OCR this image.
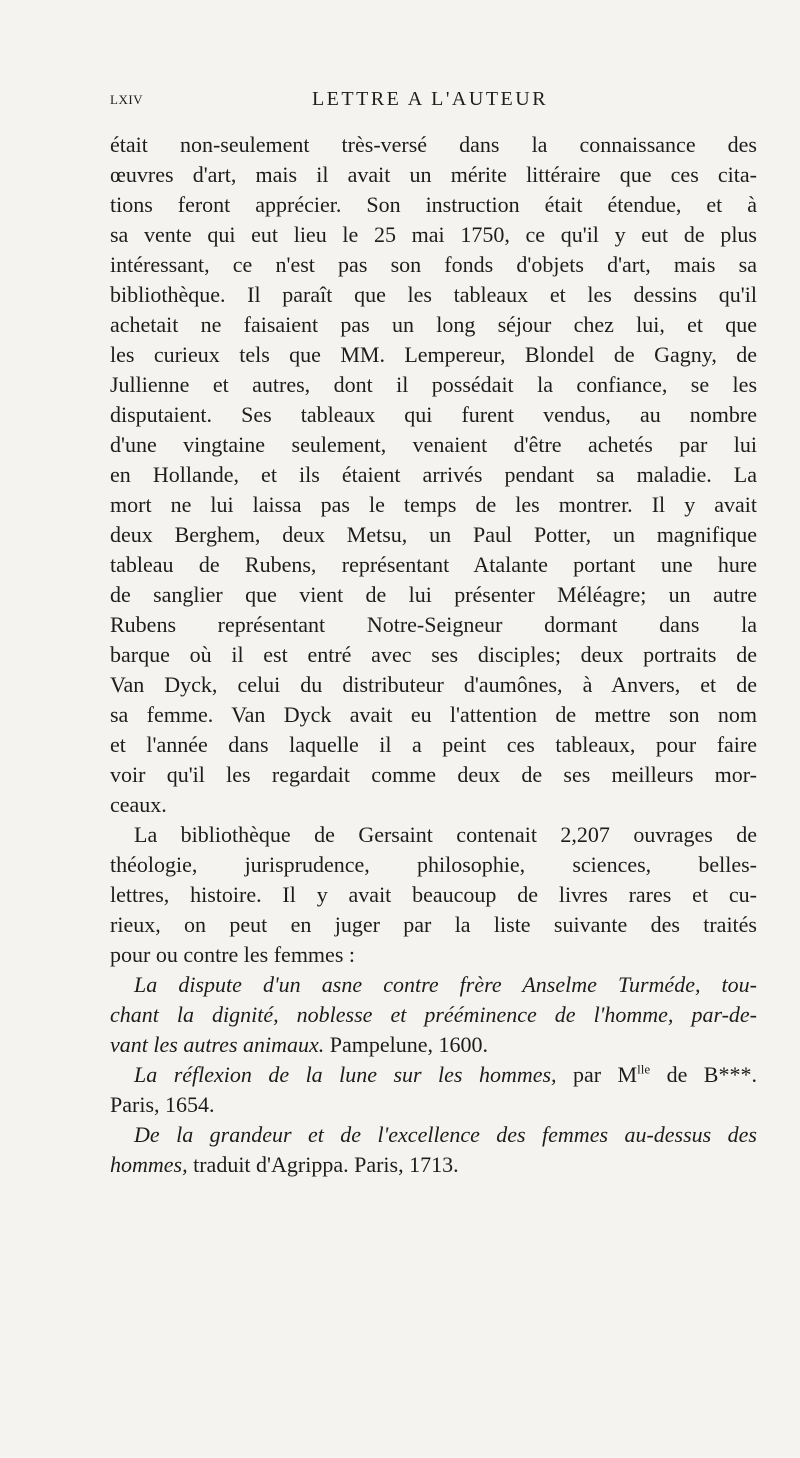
LXIV	LETTRE A L'AUTEUR
était non-seulement très-versé dans la connaissance des
œuvres d'art, mais il avait un mérite littéraire que ces cita-
tions feront apprécier. Son instruction était étendue, et à
sa vente qui eut lieu le 25 mai 1750, ce qu'il y eut de plus
intéressant, ce n'est pas son fonds d'objets d'art, mais sa
bibliothèque. Il paraît que les tableaux et les dessins qu'il
achetait ne faisaient pas un long séjour chez lui, et que
les curieux tels que MM. Lempereur, Blondel de Gagny, de
Jullienne et autres, dont il possédait la confiance, se les
disputaient. Ses tableaux qui furent vendus, au nombre
d'une vingtaine seulement, venaient d'être achetés par lui
en Hollande, et ils étaient arrivés pendant sa maladie. La
mort ne lui laissa pas le temps de les montrer. Il y avait
deux Berghem, deux Metsu, un Paul Potter, un magnifique
tableau de Rubens, représentant Atalante portant une hure
de sanglier que vient de lui présenter Méléagre; un autre
Rubens représentant Notre-Seigneur dormant dans la
barque où il est entré avec ses disciples; deux portraits de
Van Dyck, celui du distributeur d'aumônes, à Anvers, et de
sa femme. Van Dyck avait eu l'attention de mettre son nom
et l'année dans laquelle il a peint ces tableaux, pour faire
voir qu'il les regardait comme deux de ses meilleurs mor-
ceaux.
La bibliothèque de Gersaint contenait 2,207 ouvrages de
théologie, jurisprudence, philosophie, sciences, belles-
lettres, histoire. Il y avait beaucoup de livres rares et cu-
rieux, on peut en juger par la liste suivante des traités
pour ou contre les femmes :
La dispute d'un asne contre frère Anselme Turméde, tou-
chant la dignité, noblesse et prééminence de l'homme, par-de-
vant les autres animaux. Pampelune, 1600.
La réflexion de la lune sur les hommes, par $M^{lle}$ de B***.
Paris, 1654.
De la grandeur et de l'excellence des femmes au-dessus des
hommes, traduit d'Agrippa. Paris, 1713.
